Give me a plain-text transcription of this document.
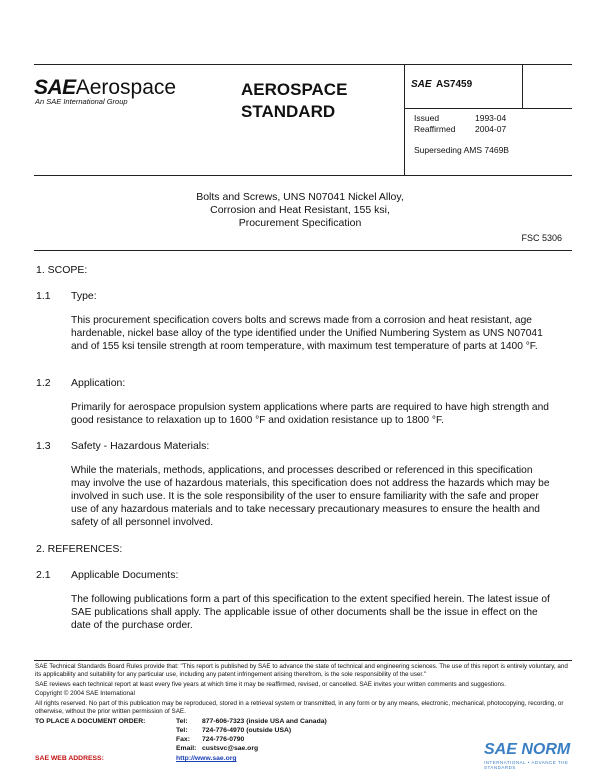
SAEAerospace
An SAE International Group
AEROSPACE
STANDARD
SAE AS7459
Issued	1993-04
Reaffirmed 2004-07
Superseding AMS 7469B
Bolts and Screws, UNS N07041 Nickel Alloy,
Corrosion and Heat Resistant, 155 ksi,
Procurement Specification
FSC 5306
1. SCOPE:
1.1 Type:
This procurement specification covers bolts and screws made from a corrosion and heat resistant, age hardenable, nickel base alloy of the type identified under the Unified Numbering System as UNS N07041 and of 155 ksi tensile strength at room temperature, with maximum test temperature of parts at 1400 °F.
1.2 Application:
Primarily for aerospace propulsion system applications where parts are required to have high strength and good resistance to relaxation up to 1600 °F and oxidation resistance up to 1800 °F.
1.3 Safety - Hazardous Materials:
While the materials, methods, applications, and processes described or referenced in this specification may involve the use of hazardous materials, this specification does not address the hazards which may be involved in such use. It is the sole responsibility of the user to ensure familiarity with the safe and proper use of any hazardous materials and to take necessary precautionary measures to ensure the health and safety of all personnel involved.
2. REFERENCES:
2.1 Applicable Documents:
The following publications form a part of this specification to the extent specified herein. The latest issue of SAE publications shall apply. The applicable issue of other documents shall be the issue in effect on the date of the purchase order.
SAE Technical Standards Board Rules provide that: "This report is published by SAE to advance the state of technical and engineering sciences. The use of this report is entirely voluntary, and its applicability and suitability for any particular use, including any patent infringement arising therefrom, is the sole responsibility of the user."
SAE reviews each technical report at least every five years at which time it may be reaffirmed, revised, or cancelled. SAE invites your written comments and suggestions.
Copyright © 2004 SAE International
All rights reserved. No part of this publication may be reproduced, stored in a retrieval system or transmitted, in any form or by any means, electronic, mechanical, photocopying, recording, or otherwise, without the prior written permission of SAE.
TO PLACE A DOCUMENT ORDER:	Tel: 877-606-7323 (inside USA and Canada)
Tel: 724-776-4970 (outside USA)
Fax: 724-776-0790
Email: custsvc@sae.org
SAE WEB ADDRESS:	http://www.sae.org
SAE NORM
INTERNATIONAL • ADVANCE THE STANDARDS
